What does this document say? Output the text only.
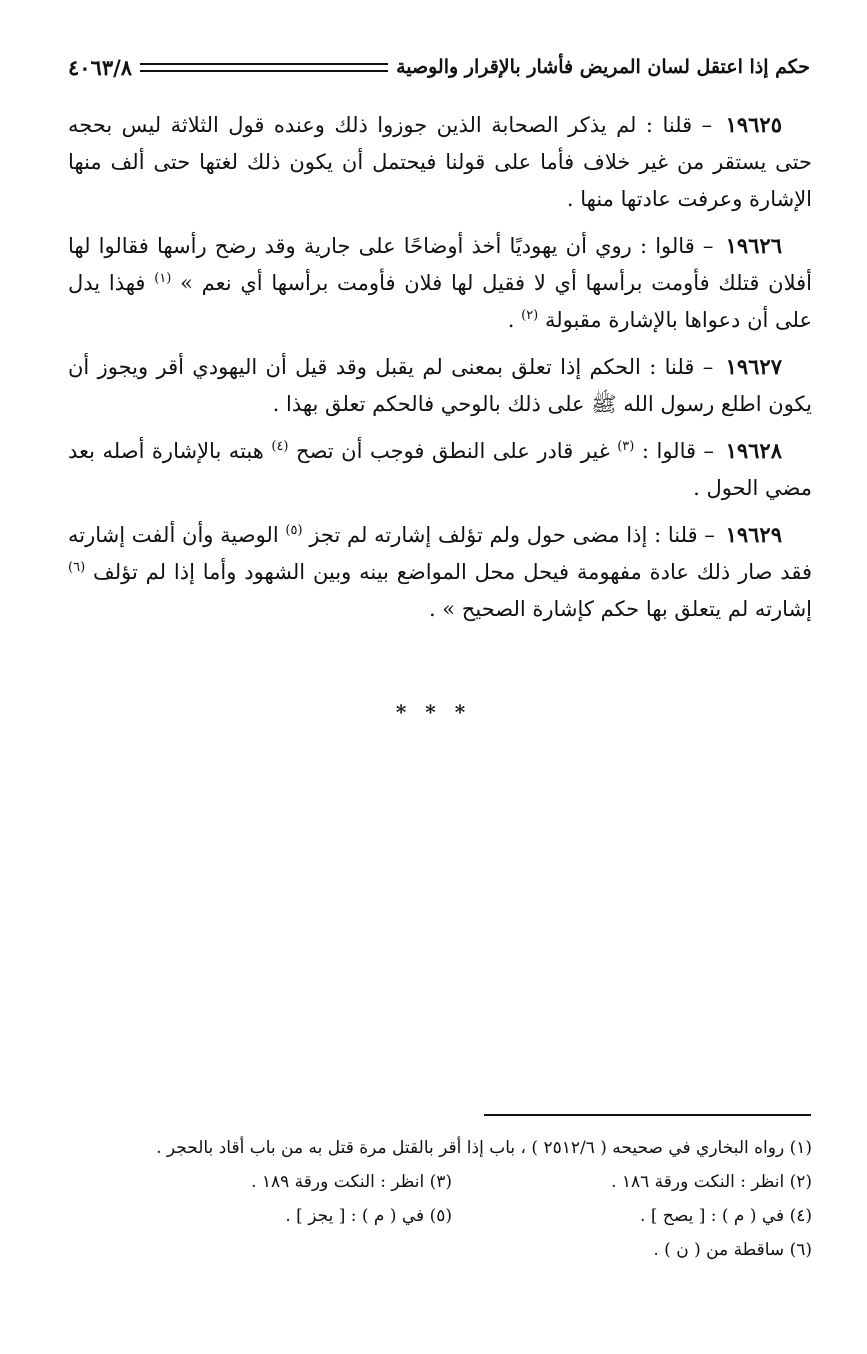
حكم إذا اعتقل لسان المريض فأشار بالإقرار والوصية
٤٠٦٣/٨

١٩٦٢٥ – قلنا : لم يذكر الصحابة الذين جوزوا ذلك وعنده قول الثلاثة ليس بحجه حتى يستقر من غير خلاف فأما على قولنا فيحتمل أن يكون ذلك لغتها حتى ألف منها الإشارة وعرفت عادتها منها .

١٩٦٢٦ – قالوا : روي أن يهوديًا أخذ أوضاحًا على جارية وقد رضح رأسها فقالوا لها أفلان قتلك فأومت برأسها أي لا فقيل لها فلان فأومت برأسها أي نعم » $^{(١)}$ فهذا يدل على أن دعواها بالإشارة مقبولة $^{(٢)}$ .

١٩٦٢٧ – قلنا : الحكم إذا تعلق بمعنى لم يقبل وقد قيل أن اليهودي أقر ويجوز أن يكون اطلع رسول الله ﷺ على ذلك بالوحي فالحكم تعلق بهذا .

١٩٦٢٨ – قالوا : $^{(٣)}$ غير قادر على النطق فوجب أن تصح $^{(٤)}$ هبته بالإشارة أصله بعد مضي الحول .

١٩٦٢٩ – قلنا : إذا مضى حول ولم تؤلف إشارته لم تجز $^{(٥)}$ الوصية وأن ألفت إشارته فقد صار ذلك عادة مفهومة فيحل محل المواضع بينه وبين الشهود وأما إذا لم تؤلف $^{(٦)}$ إشارته لم يتعلق بها حكم كإشارة الصحيح » .

* * *
(١) رواه البخاري في صحيحه ( ٢٥١٢/٦ ) ، باب إذا أقر بالقتل مرة قتل به من باب أقاد بالحجر .
(٢) انظر : النكت ورقة ١٨٦ .
(٣) انظر : النكت ورقة ١٨٩ .
(٤) في ( م ) : [ يصح ] .
(٥) في ( م ) : [ يجز ] .
(٦) ساقطة من ( ن ) .
